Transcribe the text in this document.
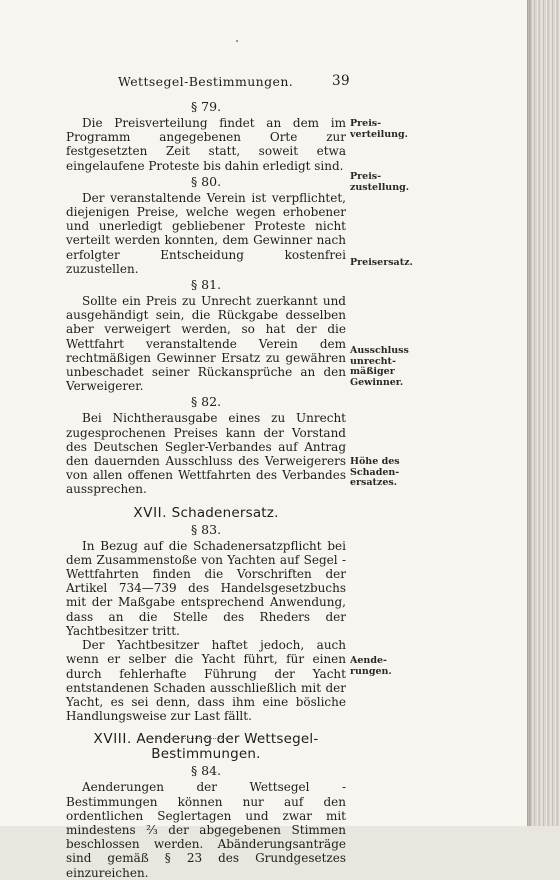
Wettsegel-Bestimmungen.	39
§ 79.

Die Preisverteilung findet an dem im Programm angegebenen Orte zur festgesetzten Zeit statt, soweit etwa eingelaufene Proteste bis dahin erledigt sind.

§ 80.

Der veranstaltende Verein ist verpflichtet, diejenigen Preise, welche wegen erhobener und unerledigt gebliebener Proteste nicht verteilt werden konnten, dem Gewinner nach erfolgter Entscheidung kostenfrei zuzustellen.

§ 81.

Sollte ein Preis zu Unrecht zuerkannt und ausgehändigt sein, die Rückgabe desselben aber verweigert werden, so hat der die Wettfahrt veranstaltende Verein dem rechtmäßigen Gewinner Ersatz zu gewähren unbeschadet seiner Rückansprüche an den Verweigerer.

§ 82.

Bei Nichtherausgabe eines zu Unrecht zugesprochenen Preises kann der Vorstand des Deutschen Segler-Verbandes auf Antrag den dauernden Ausschluss des Verweigerers von allen offenen Wettfahrten des Verbandes aussprechen.

XVII. Schadenersatz.
§ 83.

In Bezug auf die Schadenersatzpflicht bei dem Zusammenstoße von Yachten auf Segel - Wettfahrten finden die Vorschriften der Artikel 734—739 des Handelsgesetzbuchs mit der Maßgabe entsprechend Anwendung, dass an die Stelle des Rheders der Yachtbesitzer tritt.

Der Yachtbesitzer haftet jedoch, auch wenn er selber die Yacht führt, für einen durch fehlerhafte Führung der Yacht entstandenen Schaden ausschließlich mit der Yacht, es sei denn, dass ihm eine bösliche Handlungsweise zur Last fällt.

XVIII. Aenderung der Wettsegel-Bestimmungen.
§ 84.

Aenderungen der Wettsegel - Bestimmungen können nur auf den ordentlichen Seglertagen und zwar mit mindestens ⅔ der abgegebenen Stimmen beschlossen werden. Abänderungsanträge sind gemäß § 23 des Grundgesetzes einzureichen.

Preis-verteilung.
Preis-zustellung.
Preisersatz.
Ausschluss unrecht-mäßiger Gewinner.
Höhe des Schaden-ersatzes.
Aende-rungen.
